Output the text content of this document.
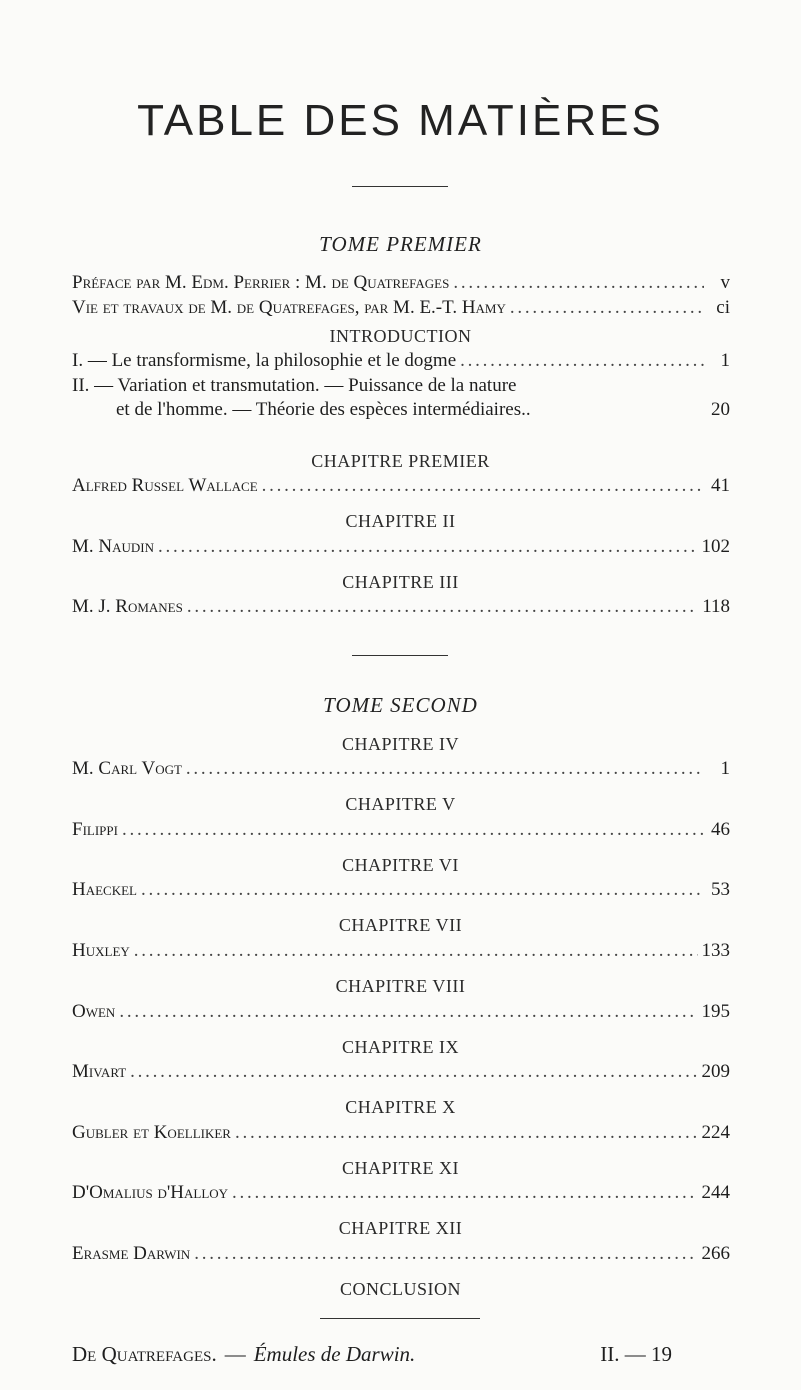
TABLE DES MATIÈRES
TOME PREMIER
Préface par M. Edm. Perrier : M. de Quatrefages . . .	v
Vie et travaux de M. de Quatrefages, par M. E.-T. Hamy . . .	ci
INTRODUCTION
I. — Le transformisme, la philosophie et le dogme . . .	1
II. — Variation et transmutation. — Puissance de la nature
et de l'homme. — Théorie des espèces intermédiaires..	20
CHAPITRE PREMIER
Alfred Russel Wallace . . .	41
CHAPITRE II
M. Naudin . . .	102
CHAPITRE III
M. J. Romanes . . .	118
TOME SECOND
CHAPITRE IV
M. Carl Vogt . . .	1
CHAPITRE V
Filippi . . .	46
CHAPITRE VI
Haeckel . . .	53
CHAPITRE VII
Huxley . . .	133
CHAPITRE VIII
Owen . . .	195
CHAPITRE IX
Mivart . . .	209
CHAPITRE X
Gubler et Koelliker . . .	224
CHAPITRE XI
D'Omalius d'Halloy . . .	244
CHAPITRE XII
Erasme Darwin . . .	266
CONCLUSION
De Quatrefages. — Émules de Darwin.	II. — 19
